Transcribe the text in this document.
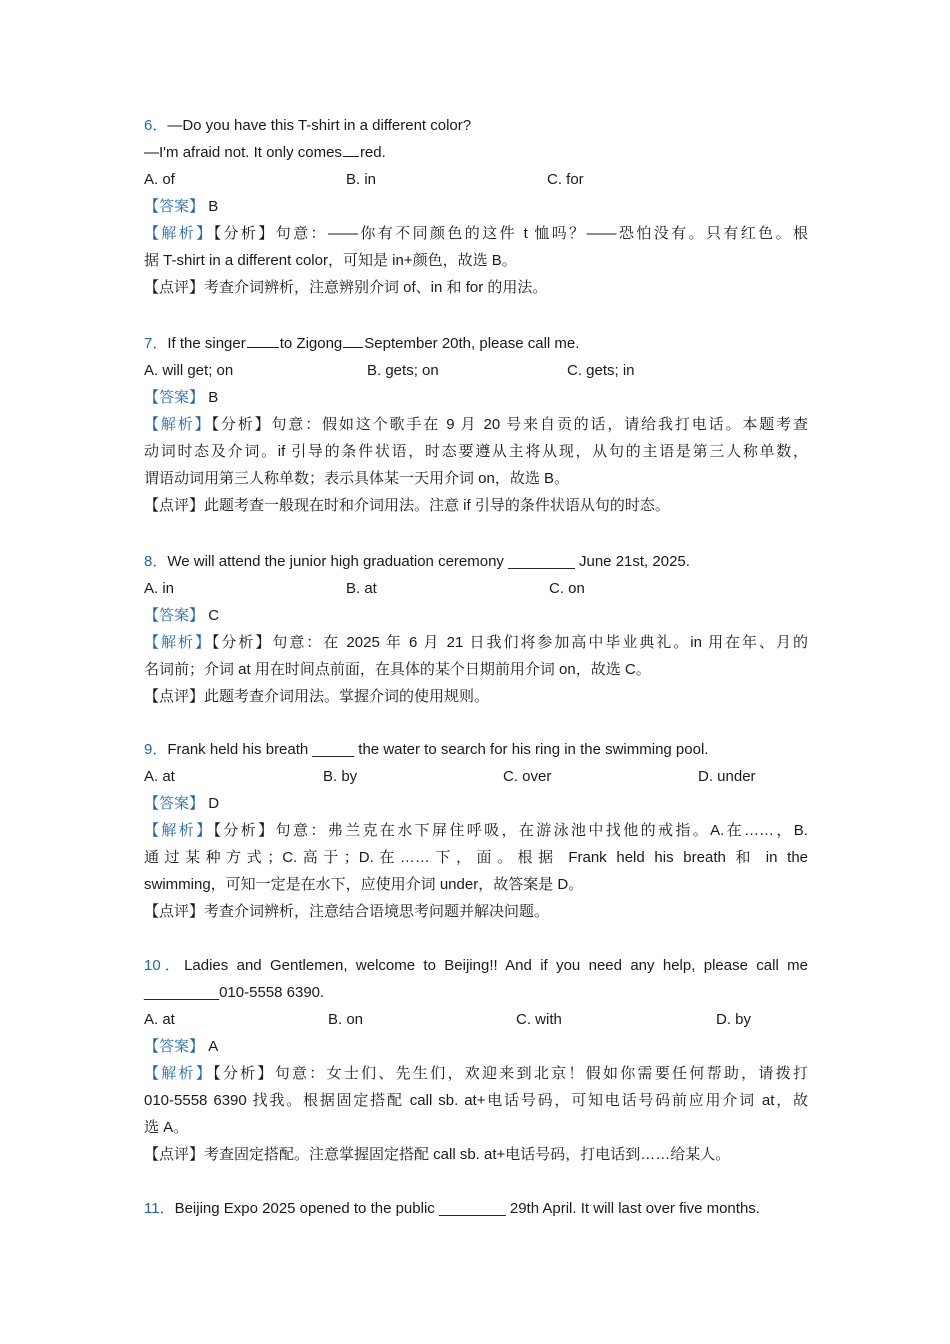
6．—Do you have this T-shirt in a different color?
—I'm afraid not. It only comes red.
A. of	B. in	C. for
【答案】 B
【解析】【分析】句意：——你有不同颜色的这件 t 恤吗？——恐怕没有。只有红色。根
据 T-shirt in a different color，可知是 in+颜色，故选 B。
【点评】考查介词辨析，注意辨别介词 of、in 和 for 的用法。
7．If the singer to Zigong September 20th, please call me.
A. will get; on	B. gets; on	C. gets; in
【答案】 B
【解析】【分析】句意：假如这个歌手在 9 月 20 号来自贡的话，请给我打电话。本题考查
动词时态及介词。if 引导的条件状语，时态要遵从主将从现，从句的主语是第三人称单数，
谓语动词用第三人称单数；表示具体某一天用介词 on，故选 B。
【点评】此题考查一般现在时和介词用法。注意 if 引导的条件状语从句的时态。
8．We will attend the junior high graduation ceremony ________ June 21st, 2025.
A. in	B. at	C. on
【答案】 C
【解析】【分析】句意：在 2025 年 6 月 21 日我们将参加高中毕业典礼。in 用在年、月的
名词前；介词 at 用在时间点前面，在具体的某个日期前用介词 on，故选 C。
【点评】此题考查介词用法。掌握介词的使用规则。
9．Frank held his breath _____ the water to search for his ring in the swimming pool.
A. at	B. by	C. over	D. under
【答案】 D
【解析】【分析】句意：弗兰克在水下屏住呼吸，在游泳池中找他的戒指。A.在……，B.
通过某种方式；C.高于；D.在……下，面。根据 Frank held his breath 和 in the
swimming，可知一定是在水下，应使用介词 under，故答案是 D。
【点评】考查介词辨析，注意结合语境思考问题并解决问题。
10．Ladies and Gentlemen, welcome to Beijing!! And if you need any help, please call me
_________010-5558 6390.
A. at	B. on	C. with	D. by
【答案】 A
【解析】【分析】句意：女士们、先生们，欢迎来到北京！假如你需要任何帮助，请拨打
010-5558 6390 找我。根据固定搭配 call sb. at+电话号码，可知电话号码前应用介词 at，故
选 A。
【点评】考查固定搭配。注意掌握固定搭配 call sb. at+电话号码，打电话到……给某人。
11．Beijing Expo 2025 opened to the public ________ 29th April. It will last over five months.
